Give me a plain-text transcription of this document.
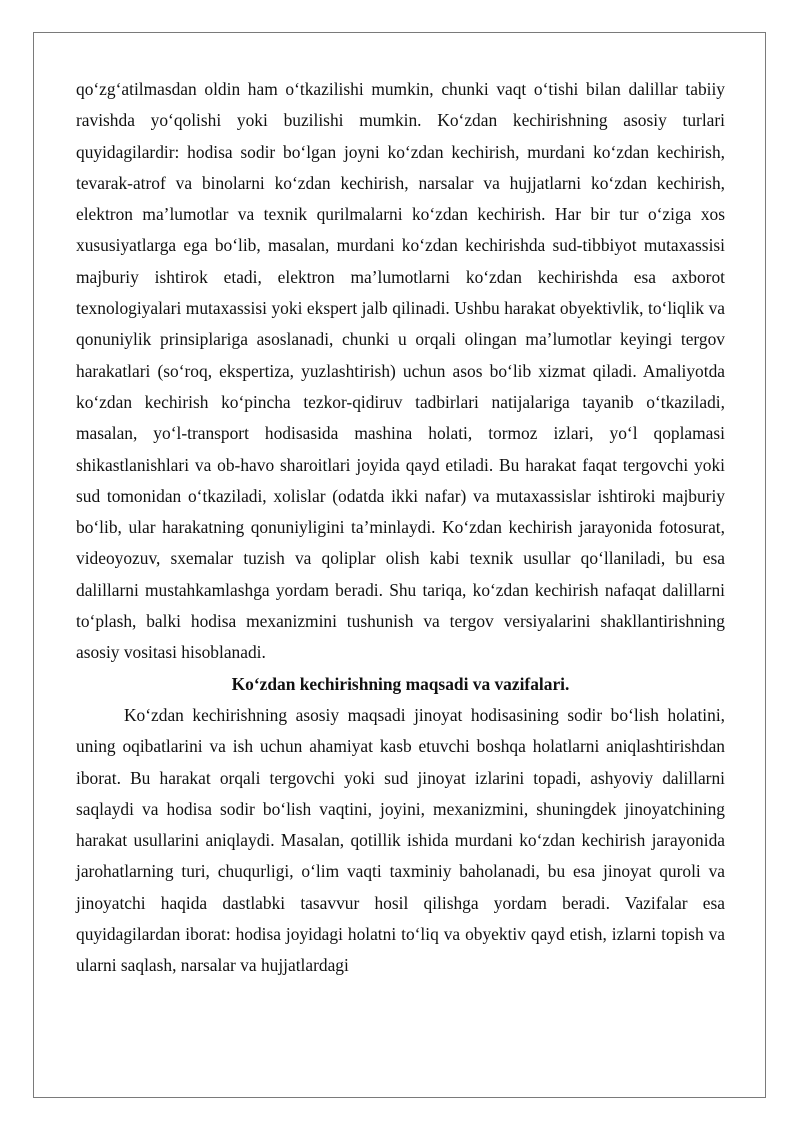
qo‘zg‘atilmasdan oldin ham o‘tkazilishi mumkin, chunki vaqt o‘tishi bilan dalillar tabiiy ravishda yo‘qolishi yoki buzilishi mumkin. Ko‘zdan kechirishning asosiy turlari quyidagilardir: hodisa sodir bo‘lgan joyni ko‘zdan kechirish, murdani ko‘zdan kechirish, tevarak-atrof va binolarni ko‘zdan kechirish, narsalar va hujjatlarni ko‘zdan kechirish, elektron ma’lumotlar va texnik qurilmalarni ko‘zdan kechirish. Har bir tur o‘ziga xos xususiyatlarga ega bo‘lib, masalan, murdani ko‘zdan kechirishda sud-tibbiyot mutaxassisi majburiy ishtirok etadi, elektron ma’lumotlarni ko‘zdan kechirishda esa axborot texnologiyalari mutaxassisi yoki ekspert jalb qilinadi. Ushbu harakat obyektivlik, to‘liqlik va qonuniylik prinsiplariga asoslanadi, chunki u orqali olingan ma’lumotlar keyingi tergov harakatlari (so‘roq, ekspertiza, yuzlashtirish) uchun asos bo‘lib xizmat qiladi. Amaliyotda ko‘zdan kechirish ko‘pincha tezkor-qidiruv tadbirlari natijalariga tayanib o‘tkaziladi, masalan, yo‘l-transport hodisasida mashina holati, tormoz izlari, yo‘l qoplamasi shikastlanishlari va ob-havo sharoitlari joyida qayd etiladi. Bu harakat faqat tergovchi yoki sud tomonidan o‘tkaziladi, xolislar (odatda ikki nafar) va mutaxassislar ishtiroki majburiy bo‘lib, ular harakatning qonuniyligini ta’minlaydi. Ko‘zdan kechirish jarayonida fotosurat, videoyozuv, sxemalar tuzish va qoliplar olish kabi texnik usullar qo‘llaniladi, bu esa dalillarni mustahkamlashga yordam beradi. Shu tariqa, ko‘zdan kechirish nafaqat dalillarni to‘plash, balki hodisa mexanizmini tushunish va tergov versiyalarini shakllantirishning asosiy vositasi hisoblanadi.

Ko‘zdan kechirishning maqsadi va vazifalari.

Ko‘zdan kechirishning asosiy maqsadi jinoyat hodisasining sodir bo‘lish holatini, uning oqibatlarini va ish uchun ahamiyat kasb etuvchi boshqa holatlarni aniqlashtirishdan iborat. Bu harakat orqali tergovchi yoki sud jinoyat izlarini topadi, ashyoviy dalillarni saqlaydi va hodisa sodir bo‘lish vaqtini, joyini, mexanizmini, shuningdek jinoyatchining harakat usullarini aniqlaydi. Masalan, qotillik ishida murdani ko‘zdan kechirish jarayonida jarohatlarning turi, chuqurligi, o‘lim vaqti taxminiy baholanadi, bu esa jinoyat quroli va jinoyatchi haqida dastlabki tasavvur hosil qilishga yordam beradi. Vazifalar esa quyidagilardan iborat: hodisa joyidagi holatni to‘liq va obyektiv qayd etish, izlarni topish va ularni saqlash, narsalar va hujjatlardagi
